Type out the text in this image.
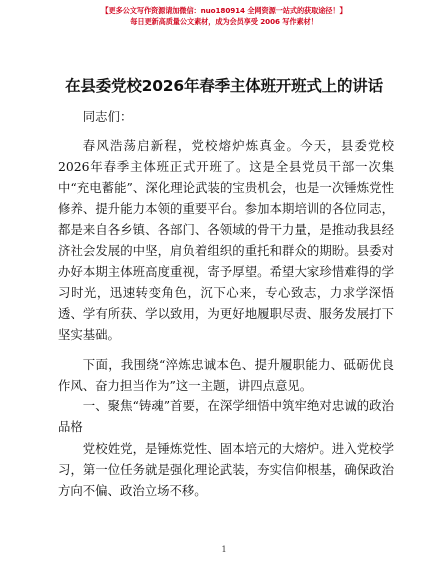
【更多公文写作资源请加微信：nuo180914 全网资源一站式的获取途径！】
每日更新高质量公文素材，成为会员享受 2006 写作素材！
在县委党校2026年春季主体班开班式上的讲话
同志们：
春风浩荡启新程，党校熔炉炼真金。今天，县委党校2026年春季主体班正式开班了。这是全县党员干部一次集中“充电蓄能”、深化理论武装的宝贵机会，也是一次锤炼党性修养、提升能力本领的重要平台。参加本期培训的各位同志，都是来自各乡镇、各部门、各领域的骨干力量，是推动我县经济社会发展的中坚，肩负着组织的重托和群众的期盼。县委对办好本期主体班高度重视，寄予厚望。希望大家珍惜难得的学习时光，迅速转变角色，沉下心来，专心致志，力求学深悟透、学有所获、学以致用，为更好地履职尽责、服务发展打下坚实基础。
下面，我围绕“淬炼忠诚本色、提升履职能力、砥砺优良作风、奋力担当作为”这一主题，讲四点意见。
一、聚焦“铸魂”首要，在深学细悟中筑牢绝对忠诚的政治品格
党校姓党，是锤炼党性、固本培元的大熔炉。进入党校学习，第一位任务就是强化理论武装，夯实信仰根基，确保政治方向不偏、政治立场不移。
1
